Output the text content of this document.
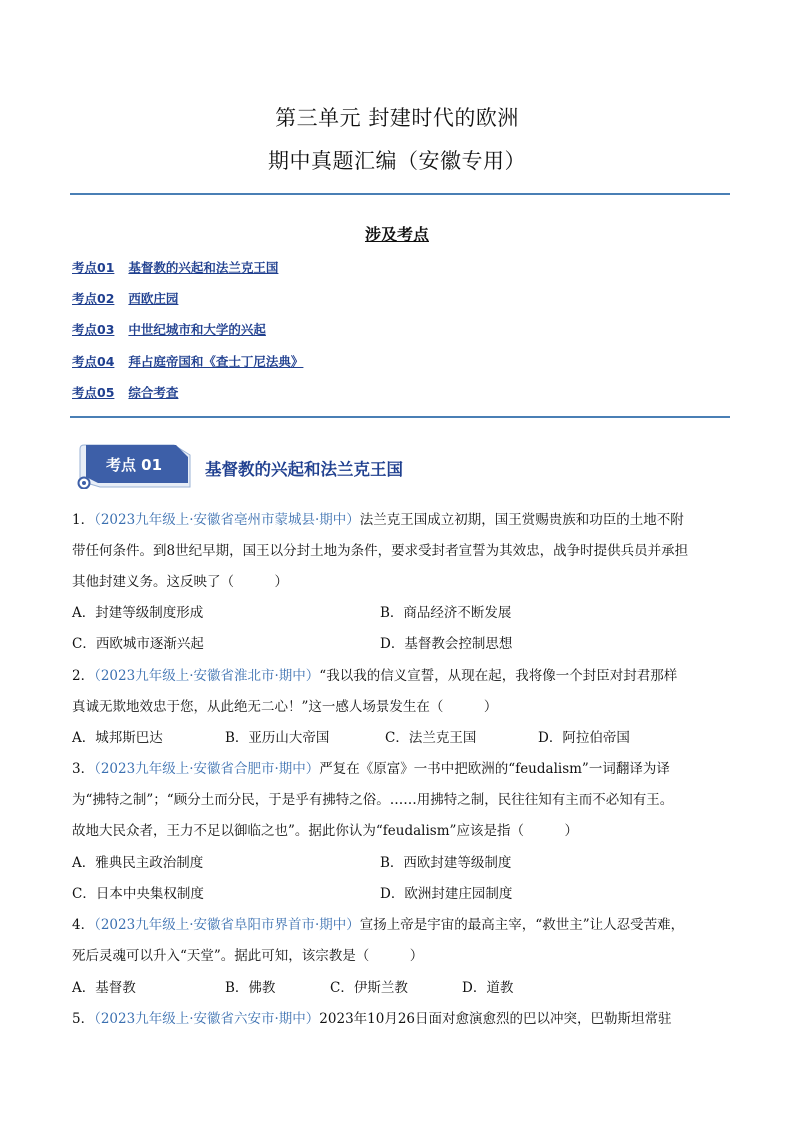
第三单元 封建时代的欧洲
期中真题汇编（安徽专用）
涉及考点
考点01 基督教的兴起和法兰克王国
考点02 西欧庄园
考点03 中世纪城市和大学的兴起
考点04 拜占庭帝国和《查士丁尼法典》
考点05 综合考查
考点 01	基督教的兴起和法兰克王国
1．（2023九年级上·安徽省亳州市蒙城县·期中）法兰克王国成立初期，国王赏赐贵族和功臣的土地不附
带任何条件。到8世纪早期，国王以分封土地为条件，要求受封者宣誓为其效忠，战争时提供兵员并承担
其他封建义务。这反映了（　　　）
A．封建等级制度形成	B．商品经济不断发展
C．西欧城市逐渐兴起	D．基督教会控制思想
2．（2023九年级上·安徽省淮北市·期中）“我以我的信义宣誓，从现在起，我将像一个封臣对封君那样
真诚无欺地效忠于您，从此绝无二心！”这一感人场景发生在（　　　）
A．城邦斯巴达	B．亚历山大帝国	C．法兰克王国	D．阿拉伯帝国
3．（2023九年级上·安徽省合肥市·期中）严复在《原富》一书中把欧洲的“feudalism”一词翻译为译
为“拂特之制”；“顾分土而分民，于是乎有拂特之俗。……用拂特之制，民往往知有主而不必知有王。
故地大民众者，王力不足以御临之也”。据此你认为“feudalism”应该是指（　　　）
A．雅典民主政治制度	B．西欧封建等级制度
C．日本中央集权制度	D．欧洲封建庄园制度
4．（2023九年级上·安徽省阜阳市界首市·期中）宣扬上帝是宇宙的最高主宰，“救世主”让人忍受苦难，
死后灵魂可以升入“天堂”。据此可知，该宗教是（　　　）
A．基督教	B．佛教	C．伊斯兰教	D．道教
5．（2023九年级上·安徽省六安市·期中）2023年10月26日面对愈演愈烈的巴以冲突，巴勒斯坦常驻
